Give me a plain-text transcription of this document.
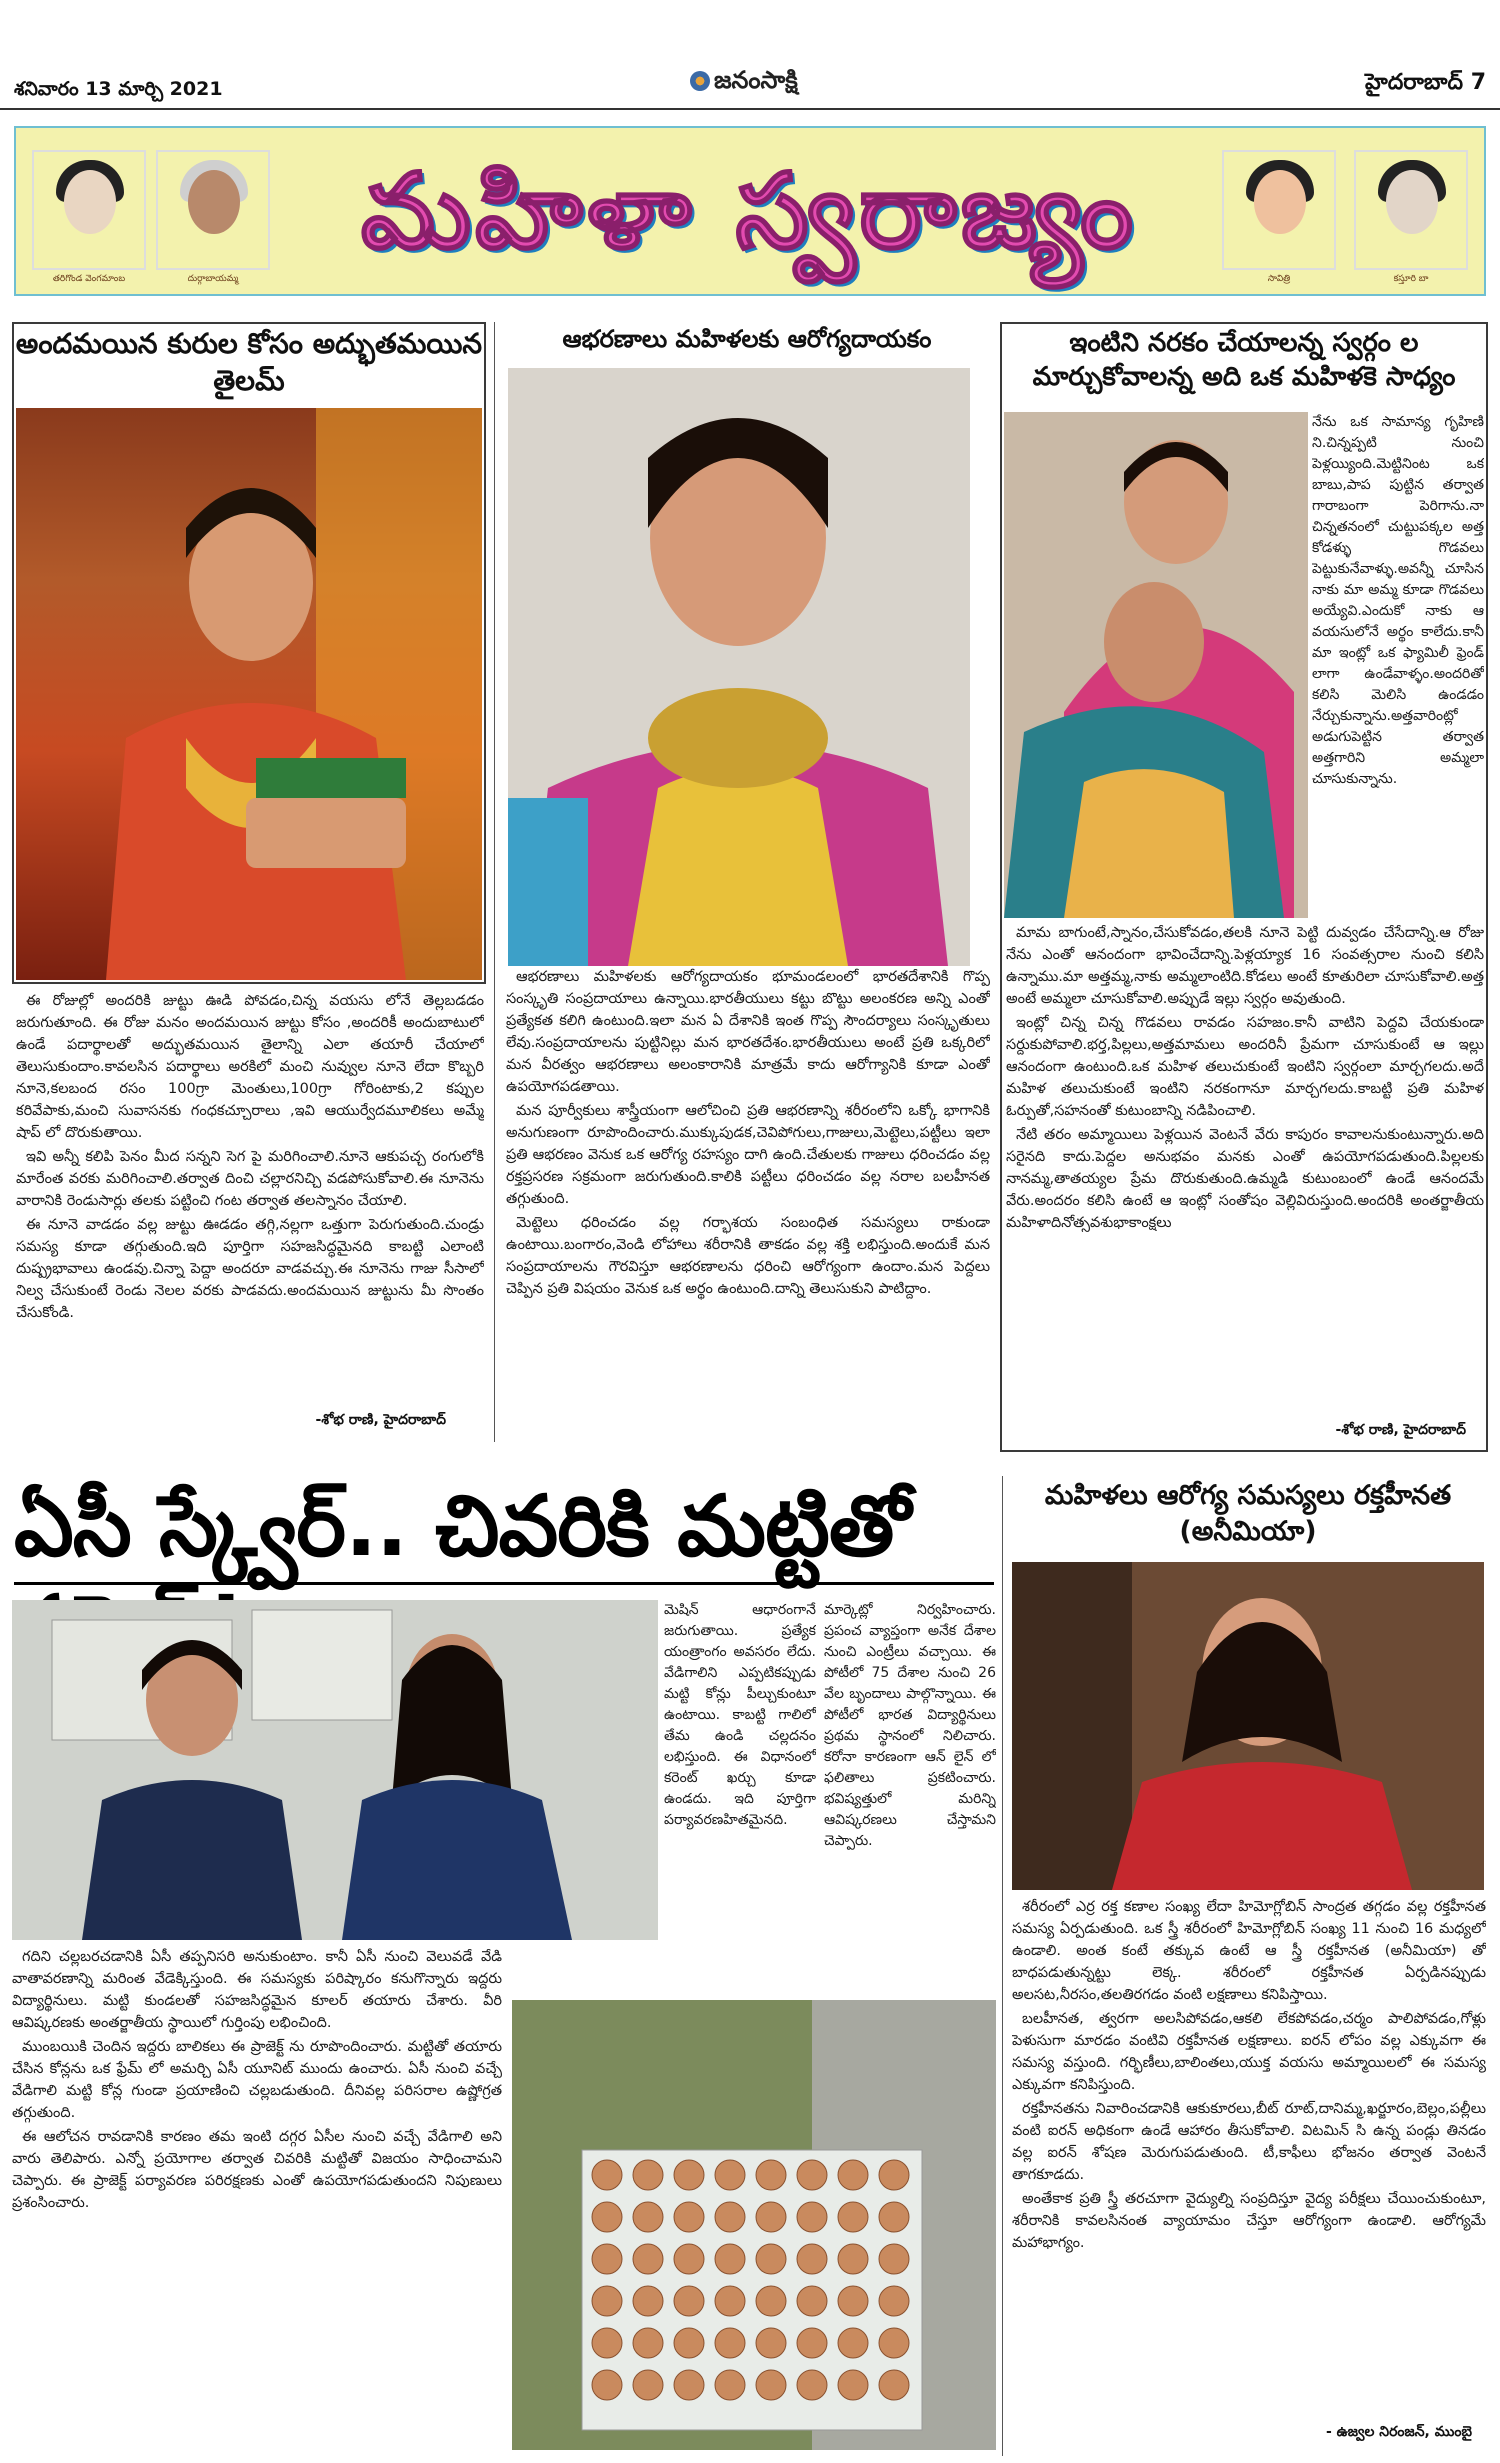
శనివారం 13 మార్చి 2021	జనంసాక్షి	హైదరాబాద్ 7
తరిగొండ వెంగమాంబ	దుర్గాబాయమ్మ
మహిళా స్వరాజ్యం
సావిత్రి	కస్తూరి బా
అందమయిన కురుల కోసం అద్భుతమయిన తైలమ్

ఈ రోజుల్లో అందరికి జుట్టు ఊడి పోవడం,చిన్న వయసు లోనే తెల్లబడడం జరుగుతూంది. ఈ రోజు మనం అందమయిన జుట్టు కోసం ,అందరికీ అందుబాటులో ఉండే పదార్థాలతో అద్భుతమయిన తైలాన్ని ఎలా తయారీ చేయాలో తెలుసుకుందాం.కావలసిన పదార్థాలు అరకిలో మంచి నువ్వుల నూనె లేదా కొబ్బరి నూనె,కలబంద రసం 100గ్రా మెంతులు,100గ్రా గోరింటాకు,2 కప్పుల కరివేపాకు,మంచి సువాసనకు గంధకచ్చూరాలు ,ఇవి ఆయుర్వేదమూలికలు అమ్మే షాప్ లో దొరుకుతాయి.

ఇవి అన్నీ కలిపి పెనం మీద సన్నని సెగ పై మరిగించాలి.నూనె ఆకుపచ్చ రంగులోకి మారేంత వరకు మరిగించాలి.తర్వాత దించి చల్లారనిచ్చి వడపోసుకోవాలి.ఈ నూనెను వారానికి రెండుసార్లు తలకు పట్టించి గంట తర్వాత తలస్నానం చేయాలి.

ఈ నూనె వాడడం వల్ల జుట్టు ఊడడం తగ్గి,నల్లగా ఒత్తుగా పెరుగుతుంది.చుండ్రు సమస్య కూడా తగ్గుతుంది.ఇది పూర్తిగా సహజసిద్ధమైనది కాబట్టి ఎలాంటి దుష్ప్రభావాలు ఉండవు.చిన్నా పెద్దా అందరూ వాడవచ్చు.ఈ నూనెను గాజు సీసాలో నిల్వ చేసుకుంటే రెండు నెలల వరకు పాడవదు.అందమయిన జుట్టును మీ సొంతం చేసుకోండి.

-శోభ రాణి, హైదరాబాద్
ఆభరణాలు మహిళలకు ఆరోగ్యదాయకం

ఆభరణాలు మహిళలకు ఆరోగ్యదాయకం భూమండలంలో భారతదేశానికి గొప్ప సంస్కృతి సంప్రదాయాలు ఉన్నాయి.భారతీయులు కట్టు బొట్టు అలంకరణ అన్ని ఎంతో ప్రత్యేకత కలిగి ఉంటుంది.ఇలా మన ఏ దేశానికి ఇంత గొప్ప సౌందర్యాలు సంస్కృతులు లేవు.సంప్రదాయాలను పుట్టినిల్లు మన భారతదేశం.భారతీయులు అంటే ప్రతి ఒక్కరిలో మన వీరత్వం ఆభరణాలు అలంకారానికి మాత్రమే కాదు ఆరోగ్యానికి కూడా ఎంతో ఉపయోగపడతాయి.

మన పూర్వీకులు శాస్త్రీయంగా ఆలోచించి ప్రతి ఆభరణాన్ని శరీరంలోని ఒక్కో భాగానికి అనుగుణంగా రూపొందించారు.ముక్కుపుడక,చెవిపోగులు,గాజులు,మెట్టెలు,పట్టీలు ఇలా ప్రతి ఆభరణం వెనుక ఒక ఆరోగ్య రహస్యం దాగి ఉంది.చేతులకు గాజులు ధరించడం వల్ల రక్తప్రసరణ సక్రమంగా జరుగుతుంది.కాలికి పట్టీలు ధరించడం వల్ల నరాల బలహీనత తగ్గుతుంది.

మెట్టెలు ధరించడం వల్ల గర్భాశయ సంబంధిత సమస్యలు రాకుండా ఉంటాయి.బంగారం,వెండి లోహాలు శరీరానికి తాకడం వల్ల శక్తి లభిస్తుంది.అందుకే మన సంప్రదాయాలను గౌరవిస్తూ ఆభరణాలను ధరించి ఆరోగ్యంగా ఉందాం.మన పెద్దలు చెప్పిన ప్రతి విషయం వెనుక ఒక అర్థం ఉంటుంది.దాన్ని తెలుసుకుని పాటిద్దాం.

ఇంటిని నరకం చేయాలన్న స్వర్గం ల మార్చుకోవాలన్న అది ఒక మహిళకె సాధ్యం
నేను ఒక సామాన్య గృహిణి ని.చిన్నప్పటి నుంచి పెళ్లయ్యింది.మెట్టినింట ఒక బాబు,పాప పుట్టిన తర్వాత గారాబంగా పెరిగాను.నా చిన్నతనంలో చుట్టుపక్కల అత్త కోడళ్ళు గొడవలు పెట్టుకునేవాళ్ళు.అవన్నీ చూసిన నాకు మా అమ్మ కూడా గొడవలు అయ్యేవి.ఎందుకో నాకు ఆ వయసులోనే అర్థం కాలేదు.కానీ మా ఇంట్లో ఒక ఫ్యామిలీ ఫ్రెండ్ లాగా ఉండేవాళ్ళం.అందరితో కలిసి మెలిసి ఉండడం నేర్చుకున్నాను.అత్తవారింట్లో అడుగుపెట్టిన తర్వాత అత్తగారిని అమ్మలా చూసుకున్నాను.

మామ బాగుంటే,స్నానం,చేసుకోవడం,తలకి నూనె పెట్టి దువ్వడం చేసేదాన్ని.ఆ రోజు నేను ఎంతో ఆనందంగా భావించేదాన్ని.పెళ్లయ్యాక 16 సంవత్సరాల నుంచి కలిసి ఉన్నాము.మా అత్తమ్మ,నాకు అమ్మలాంటిది.కోడలు అంటే కూతురిలా చూసుకోవాలి.అత్త అంటే అమ్మలా చూసుకోవాలి.అప్పుడే ఇల్లు స్వర్గం అవుతుంది.

ఇంట్లో చిన్న చిన్న గొడవలు రావడం సహజం.కానీ వాటిని పెద్దవి చేయకుండా సర్దుకుపోవాలి.భర్త,పిల్లలు,అత్తమామలు అందరినీ ప్రేమగా చూసుకుంటే ఆ ఇల్లు ఆనందంగా ఉంటుంది.ఒక మహిళ తలుచుకుంటే ఇంటిని స్వర్గంలా మార్చగలదు.అదే మహిళ తలుచుకుంటే ఇంటిని నరకంగానూ మార్చగలదు.కాబట్టి ప్రతి మహిళ ఓర్పుతో,సహనంతో కుటుంబాన్ని నడిపించాలి.

నేటి తరం అమ్మాయిలు పెళ్లయిన వెంటనే వేరు కాపురం కావాలనుకుంటున్నారు.అది సరైనది కాదు.పెద్దల అనుభవం మనకు ఎంతో ఉపయోగపడుతుంది.పిల్లలకు నానమ్మ,తాతయ్యల ప్రేమ దొరుకుతుంది.ఉమ్మడి కుటుంబంలో ఉండే ఆనందమే వేరు.అందరం కలిసి ఉంటే ఆ ఇంట్లో సంతోషం వెల్లివిరుస్తుంది.అందరికి అంతర్జాతీయ మహిళాదినోత్సవశుభాకాంక్షలు

-శోభ రాణి, హైదరాబాద్
ఏసీ స్క్వేర్.. చివరికి మట్టితో
మెషిన్ ఆధారంగానే జరుగుతాయి. ప్రత్యేక యంత్రాంగం అవసరం లేదు. వేడిగాలిని ఎప్పటికప్పుడు మట్టి కోన్లు పీల్చుకుంటూ ఉంటాయి. కాబట్టి గాలిలో తేమ ఉండి చల్లదనం లభిస్తుంది. ఈ విధానంలో కరెంట్ ఖర్చు కూడా ఉండదు. ఇది పూర్తిగా పర్యావరణహితమైనది.
మార్కెట్లో నిర్వహించారు. ప్రపంచ వ్యాప్తంగా అనేక దేశాల నుంచి ఎంట్రీలు వచ్చాయి. ఈ పోటీలో 75 దేశాల నుంచి 26 వేల బృందాలు పాల్గొన్నాయి. ఈ పోటీలో భారత విద్యార్థినులు ప్రథమ స్థానంలో నిలిచారు. కరోనా కారణంగా ఆన్ లైన్ లో ఫలితాలు ప్రకటించారు. భవిష్యత్తులో మరిన్ని ఆవిష్కరణలు చేస్తామని చెప్పారు.

గదిని చల్లబరచడానికి ఏసీ తప్పనిసరి అనుకుంటాం. కానీ ఏసీ నుంచి వెలువడే వేడి వాతావరణాన్ని మరింత వేడెక్కిస్తుంది. ఈ సమస్యకు పరిష్కారం కనుగొన్నారు ఇద్దరు విద్యార్థినులు. మట్టి కుండలతో సహజసిద్ధమైన కూలర్ తయారు చేశారు. వీరి ఆవిష్కరణకు అంతర్జాతీయ స్థాయిలో గుర్తింపు లభించింది.

ముంబయికి చెందిన ఇద్దరు బాలికలు ఈ ప్రాజెక్ట్ ను రూపొందించారు. మట్టితో తయారు చేసిన కోన్లను ఒక ఫ్రేమ్ లో అమర్చి ఏసీ యూనిట్ ముందు ఉంచారు. ఏసీ నుంచి వచ్చే వేడిగాలి మట్టి కోన్ల గుండా ప్రయాణించి చల్లబడుతుంది. దీనివల్ల పరిసరాల ఉష్ణోగ్రత తగ్గుతుంది.

ఈ ఆలోచన రావడానికి కారణం తమ ఇంటి దగ్గర ఏసీల నుంచి వచ్చే వేడిగాలి అని వారు తెలిపారు. ఎన్నో ప్రయోగాల తర్వాత చివరికి మట్టితో విజయం సాధించామని చెప్పారు. ఈ ప్రాజెక్ట్ పర్యావరణ పరిరక్షణకు ఎంతో ఉపయోగపడుతుందని నిపుణులు ప్రశంసించారు.

మహిళలు ఆరోగ్య సమస్యలు రక్తహీనత (అనీమియా)

శరీరంలో ఎర్ర రక్త కణాల సంఖ్య లేదా హిమోగ్లోబిన్ సాంద్రత తగ్గడం వల్ల రక్తహీనత సమస్య ఏర్పడుతుంది. ఒక స్త్రీ శరీరంలో హిమోగ్లోబిన్ సంఖ్య 11 నుంచి 16 మధ్యలో ఉండాలి. అంత కంటే తక్కువ ఉంటే ఆ స్త్రీ రక్తహీనత (అనీమియా) తో బాధపడుతున్నట్టు లెక్క. శరీరంలో రక్తహీనత ఏర్పడినప్పుడు అలసట,నీరసం,తలతిరగడం వంటి లక్షణాలు కనిపిస్తాయి.

బలహీనత, త్వరగా అలసిపోవడం,ఆకలి లేకపోవడం,చర్మం పాలిపోవడం,గోళ్లు పెళుసుగా మారడం వంటివి రక్తహీనత లక్షణాలు. ఐరన్ లోపం వల్ల ఎక్కువగా ఈ సమస్య వస్తుంది. గర్భిణీలు,బాలింతలు,యుక్త వయసు అమ్మాయిలలో ఈ సమస్య ఎక్కువగా కనిపిస్తుంది.

రక్తహీనతను నివారించడానికి ఆకుకూరలు,బీట్ రూట్,దానిమ్మ,ఖర్జూరం,బెల్లం,పల్లీలు వంటి ఐరన్ అధికంగా ఉండే ఆహారం తీసుకోవాలి. విటమిన్ సి ఉన్న పండ్లు తినడం వల్ల ఐరన్ శోషణ మెరుగుపడుతుంది. టీ,కాఫీలు భోజనం తర్వాత వెంటనే తాగకూడదు.

అంతేకాక ప్రతి స్త్రీ తరచూగా వైద్యుల్ని సంప్రదిస్తూ వైద్య పరీక్షలు చేయించుకుంటూ, శరీరానికి కావలసినంత వ్యాయామం చేస్తూ ఆరోగ్యంగా ఉండాలి. ఆరోగ్యమే మహాభాగ్యం.

- ఉజ్వల నిరంజన్, ముంబై
